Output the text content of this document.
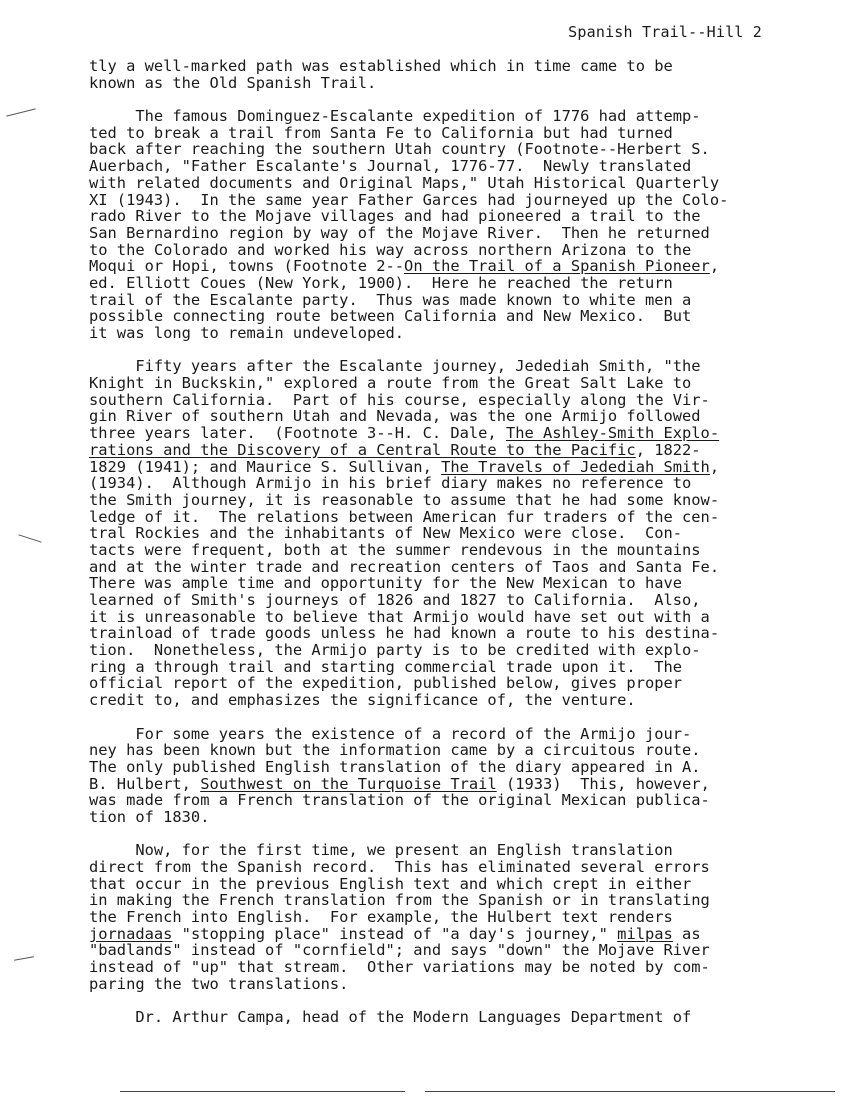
Spanish Trail--Hill 2
tly a well-marked path was established which in time came to be
known as the Old Spanish Trail.
The famous Dominguez-Escalante expedition of 1776 had attemp-
ted to break a trail from Santa Fe to California but had turned
back after reaching the southern Utah country (Footnote--Herbert S.
Auerbach, "Father Escalante's Journal, 1776-77.  Newly translated
with related documents and Original Maps," Utah Historical Quarterly
XI (1943).  In the same year Father Garces had journeyed up the Colo-
rado River to the Mojave villages and had pioneered a trail to the
San Bernardino region by way of the Mojave River.  Then he returned
to the Colorado and worked his way across northern Arizona to the
Moqui or Hopi, towns (Footnote 2--On the Trail of a Spanish Pioneer,
ed. Elliott Coues (New York, 1900).  Here he reached the return
trail of the Escalante party.  Thus was made known to white men a
possible connecting route between California and New Mexico.  But
it was long to remain undeveloped.
Fifty years after the Escalante journey, Jedediah Smith, "the
Knight in Buckskin," explored a route from the Great Salt Lake to
southern California.  Part of his course, especially along the Vir-
gin River of southern Utah and Nevada, was the one Armijo followed
three years later.  (Footnote 3--H. C. Dale, The Ashley-Smith Explo-
rations and the Discovery of a Central Route to the Pacific, 1822-
1829 (1941); and Maurice S. Sullivan, The Travels of Jedediah Smith,
(1934).  Although Armijo in his brief diary makes no reference to
the Smith journey, it is reasonable to assume that he had some know-
ledge of it.  The relations between American fur traders of the cen-
tral Rockies and the inhabitants of New Mexico were close.  Con-
tacts were frequent, both at the summer rendevous in the mountains
and at the winter trade and recreation centers of Taos and Santa Fe.
There was ample time and opportunity for the New Mexican to have
learned of Smith's journeys of 1826 and 1827 to California.  Also,
it is unreasonable to believe that Armijo would have set out with a
trainload of trade goods unless he had known a route to his destina-
tion.  Nonetheless, the Armijo party is to be credited with explo-
ring a through trail and starting commercial trade upon it.  The
official report of the expedition, published below, gives proper
credit to, and emphasizes the significance of, the venture.
For some years the existence of a record of the Armijo jour-
ney has been known but the information came by a circuitous route.
The only published English translation of the diary appeared in A.
B. Hulbert, Southwest on the Turquoise Trail (1933)  This, however,
was made from a French translation of the original Mexican publica-
tion of 1830.
Now, for the first time, we present an English translation
direct from the Spanish record.  This has eliminated several errors
that occur in the previous English text and which crept in either
in making the French translation from the Spanish or in translating
the French into English.  For example, the Hulbert text renders
jornadaas "stopping place" instead of "a day's journey," milpas as
"badlands" instead of "cornfield"; and says "down" the Mojave River
instead of "up" that stream.  Other variations may be noted by com-
paring the two translations.
Dr. Arthur Campa, head of the Modern Languages Department of
